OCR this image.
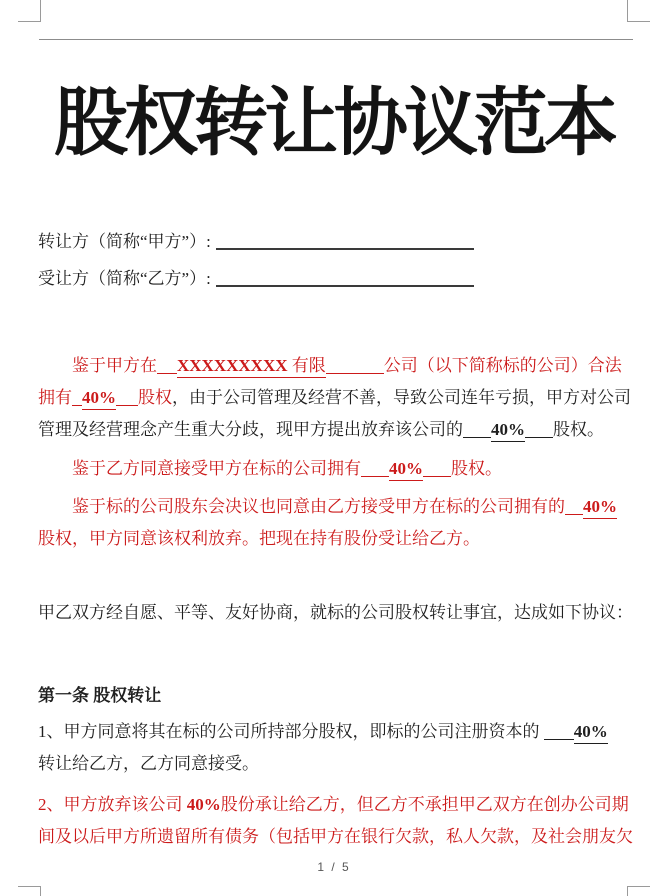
股权转让协议范本
转让方（简称“甲方”）:
受让方（简称“乙方”）:
鉴于甲方在 XXXXXXXXX 有限	公司（以下简称标的公司）合法
拥有 40% 股权，由于公司管理及经营不善，导致公司连年亏损，甲方对公司
管理及经营理念产生重大分歧，现甲方提出放弃该公司的 40% 股权。
鉴于乙方同意接受甲方在标的公司拥有 40% 股权。
鉴于标的公司股东会决议也同意由乙方接受甲方在标的公司拥有的 40%
股权，甲方同意该权利放弃。把现在持有股份受让给乙方。
甲乙双方经自愿、平等、友好协商，就标的公司股权转让事宜，达成如下协议：
第一条 股权转让
1、甲方同意将其在标的公司所持部分股权，即标的公司注册资本的 40%
转让给乙方，乙方同意接受。
2、甲方放弃该公司 40%股份承让给乙方，但乙方不承担甲乙双方在创办公司期
间及以后甲方所遗留所有债务（包括甲方在银行欠款，私人欠款，及社会朋友欠
1 / 5
